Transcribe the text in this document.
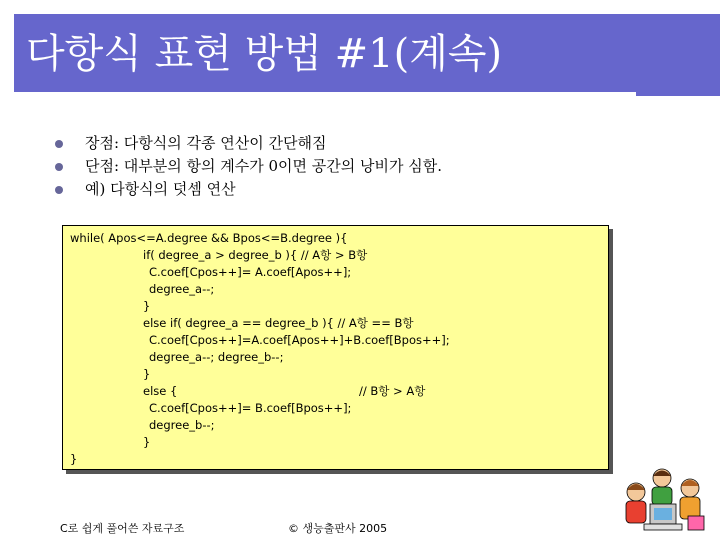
다항식 표현 방법 #1(계속)
장점: 다항식의 각종 연산이 간단해짐
단점: 대부분의 항의 계수가 0이면 공간의 낭비가 심함.
예) 다항식의 덧셈 연산
while( Apos<=A.degree && Bpos<=B.degree ){
if( degree_a > degree_b ){ // A항 > B항
C.coef[Cpos++]= A.coef[Apos++];
degree_a--;
}
else if( degree_a == degree_b ){ // A항 == B항
C.coef[Cpos++]=A.coef[Apos++]+B.coef[Bpos++];
degree_a--; degree_b--;
}
else {	// B항 > A항
C.coef[Cpos++]= B.coef[Bpos++];
degree_b--;
}
}
C로 쉽게 풀어쓴 자료구조	© 생능출판사 2005
